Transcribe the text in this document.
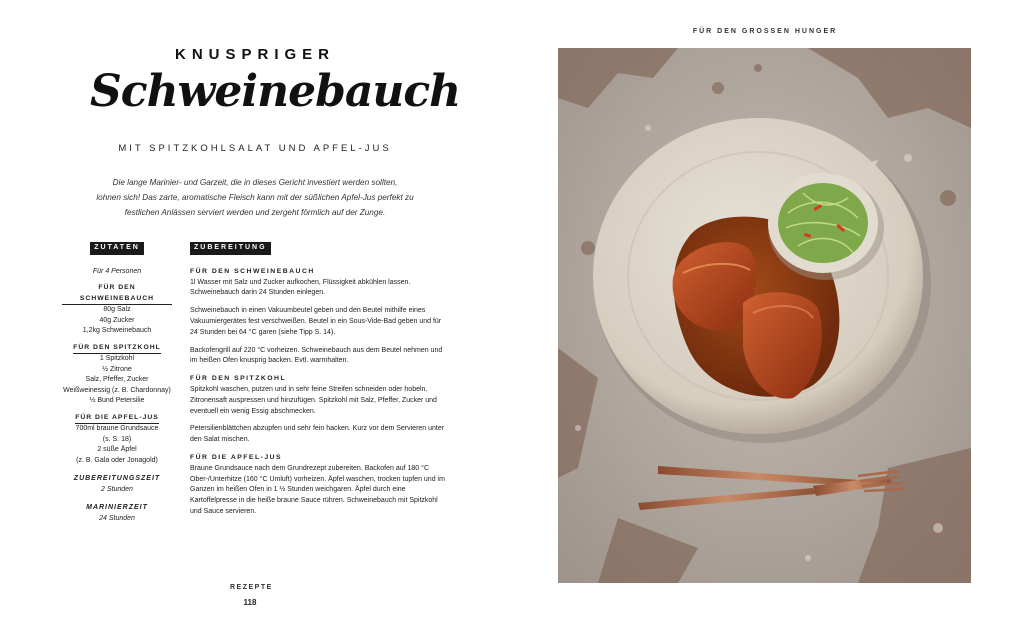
FÜR DEN GROSSEN HUNGER
KNUSPRIGER
Schweinebauch
MIT SPITZKOHLSALAT UND APFEL-JUS
Die lange Marinier- und Garzeit, die in dieses Gericht investiert werden sollten,
lohnen sich! Das zarte, aromatische Fleisch kann mit der süßlichen Apfel-Jus perfekt zu
festlichen Anlässen serviert werden und zergeht förmlich auf der Zunge.
ZUTATEN
Für 4 Personen
FÜR DEN SCHWEINEBAUCH
80g Salz
40g Zucker
1,2kg Schweinebauch
FÜR DEN SPITZKOHL
1 Spitzkohl
½ Zitrone
Salz, Pfeffer, Zucker
Weißweinessig (z. B. Chardonnay)
½ Bund Petersilie
FÜR DIE APFEL-JUS
700ml braune Grundsauce
(s. S. 18)
2 süße Äpfel
(z. B. Gala oder Jonagold)
ZUBEREITUNGSZEIT
2 Stunden
MARINIERZEIT
24 Stunden
ZUBEREITUNG
FÜR DEN SCHWEINEBAUCH

1l Wasser mit Salz und Zucker aufkochen, Flüssigkeit abkühlen lassen. Schweinebauch darin 24 Stunden einlegen.

Schweinebauch in einen Vakuumbeutel geben und den Beutel mithilfe eines Vakuumiergerätes fest verschweißen. Beutel in ein Sous-Vide-Bad geben und für 24 Stunden bei 64 °C garen (siehe Tipp S. 14).

Backofengrill auf 220 °C vorheizen. Schweinebauch aus dem Beutel nehmen und im heißen Ofen knusprig backen. Evtl. warmhalten.

FÜR DEN SPITZKOHL

Spitzkohl waschen, putzen und in sehr feine Streifen schneiden oder hobeln. Zitronensaft auspressen und hinzufügen. Spitzkohl mit Salz, Pfeffer, Zucker und eventuell ein wenig Essig abschmecken.

Petersilienblättchen abzupfen und sehr fein hacken. Kurz vor dem Servieren unter den Salat mischen.

FÜR DIE APFEL-JUS

Braune Grundsauce nach dem Grundrezept zubereiten. Backofen auf 180 °C Ober-/Unterhitze (160 °C Umluft) vorheizen. Äpfel waschen, trocken tupfen und im Ganzen im heißen Ofen in 1 ½ Stunden weichgaren. Äpfel durch eine Kartoffelpresse in die heiße braune Sauce rühren. Schweinebauch mit Spitzkohl und Sauce servieren.

REZEPTE
118
